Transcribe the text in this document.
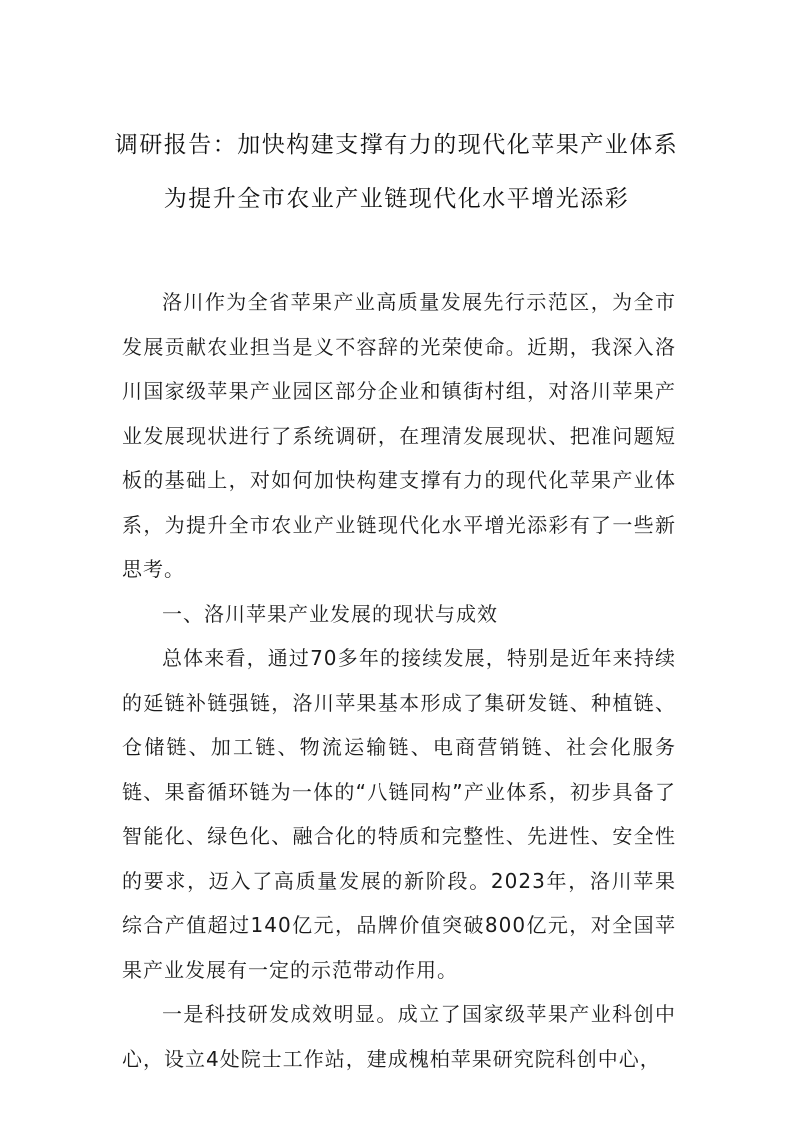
调研报告：加快构建支撑有力的现代化苹果产业体系
为提升全市农业产业链现代化水平增光添彩

洛川作为全省苹果产业高质量发展先行示范区，为全市发展贡献农业担当是义不容辞的光荣使命。近期，我深入洛川国家级苹果产业园区部分企业和镇街村组，对洛川苹果产业发展现状进行了系统调研，在理清发展现状、把准问题短板的基础上，对如何加快构建支撑有力的现代化苹果产业体系，为提升全市农业产业链现代化水平增光添彩有了一些新思考。

一、洛川苹果产业发展的现状与成效

总体来看，通过70多年的接续发展，特别是近年来持续的延链补链强链，洛川苹果基本形成了集研发链、种植链、仓储链、加工链、物流运输链、电商营销链、社会化服务链、果畜循环链为一体的“八链同构”产业体系，初步具备了智能化、绿色化、融合化的特质和完整性、先进性、安全性的要求，迈入了高质量发展的新阶段。2023年，洛川苹果综合产值超过140亿元，品牌价值突破800亿元，对全国苹果产业发展有一定的示范带动作用。

一是科技研发成效明显。成立了国家级苹果产业科创中心，设立4处院士工作站，建成槐柏苹果研究院科创中心，
